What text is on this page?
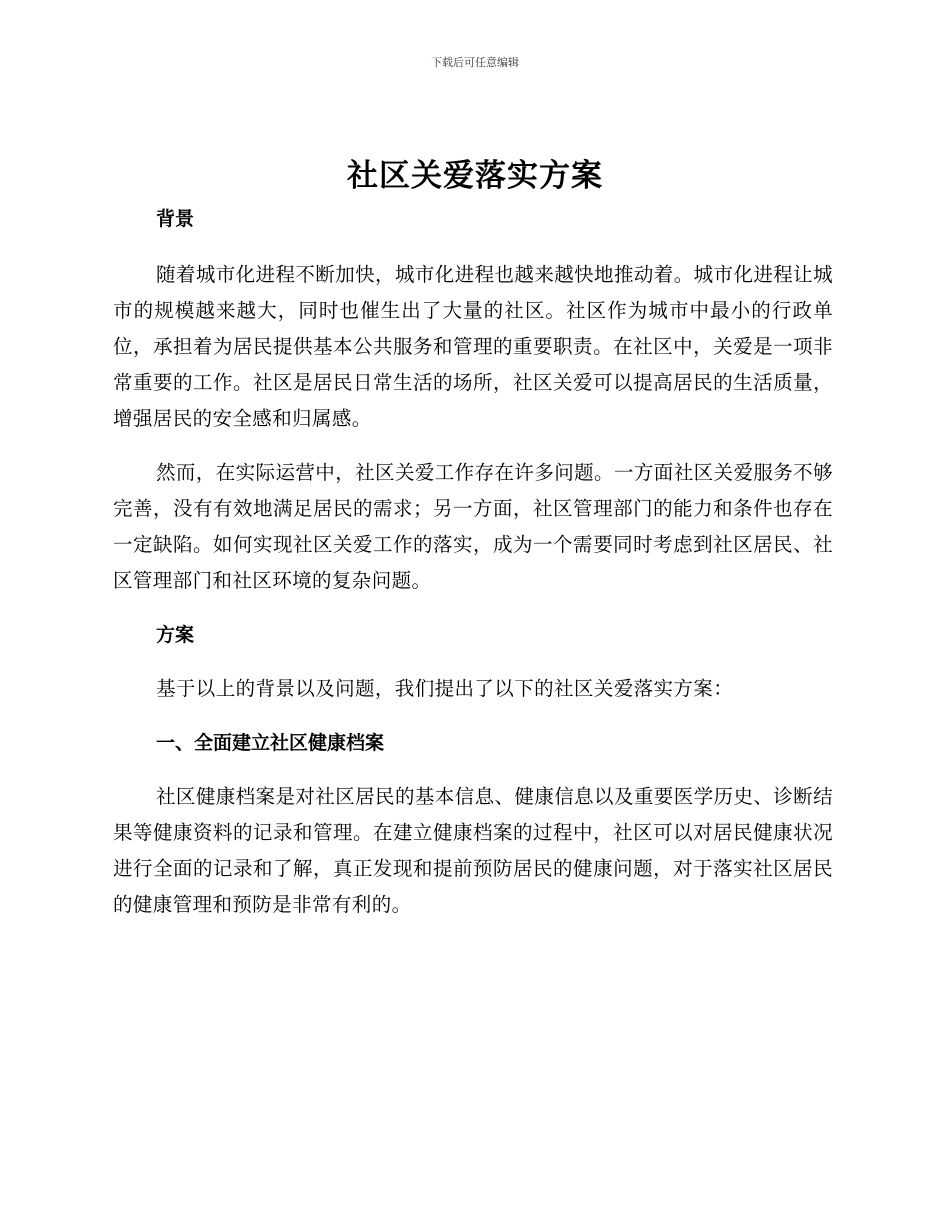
下载后可任意编辑
社区关爱落实方案

背景

随着城市化进程不断加快，城市化进程也越来越快地推动着。城市化进程让城市的规模越来越大，同时也催生出了大量的社区。社区作为城市中最小的行政单位，承担着为居民提供基本公共服务和管理的重要职责。在社区中，关爱是一项非常重要的工作。社区是居民日常生活的场所，社区关爱可以提高居民的生活质量，增强居民的安全感和归属感。

然而，在实际运营中，社区关爱工作存在许多问题。一方面社区关爱服务不够完善，没有有效地满足居民的需求；另一方面，社区管理部门的能力和条件也存在一定缺陷。如何实现社区关爱工作的落实，成为一个需要同时考虑到社区居民、社区管理部门和社区环境的复杂问题。

方案

基于以上的背景以及问题，我们提出了以下的社区关爱落实方案：

一、全面建立社区健康档案

社区健康档案是对社区居民的基本信息、健康信息以及重要医学历史、诊断结果等健康资料的记录和管理。在建立健康档案的过程中，社区可以对居民健康状况进行全面的记录和了解，真正发现和提前预防居民的健康问题，对于落实社区居民的健康管理和预防是非常有利的。
